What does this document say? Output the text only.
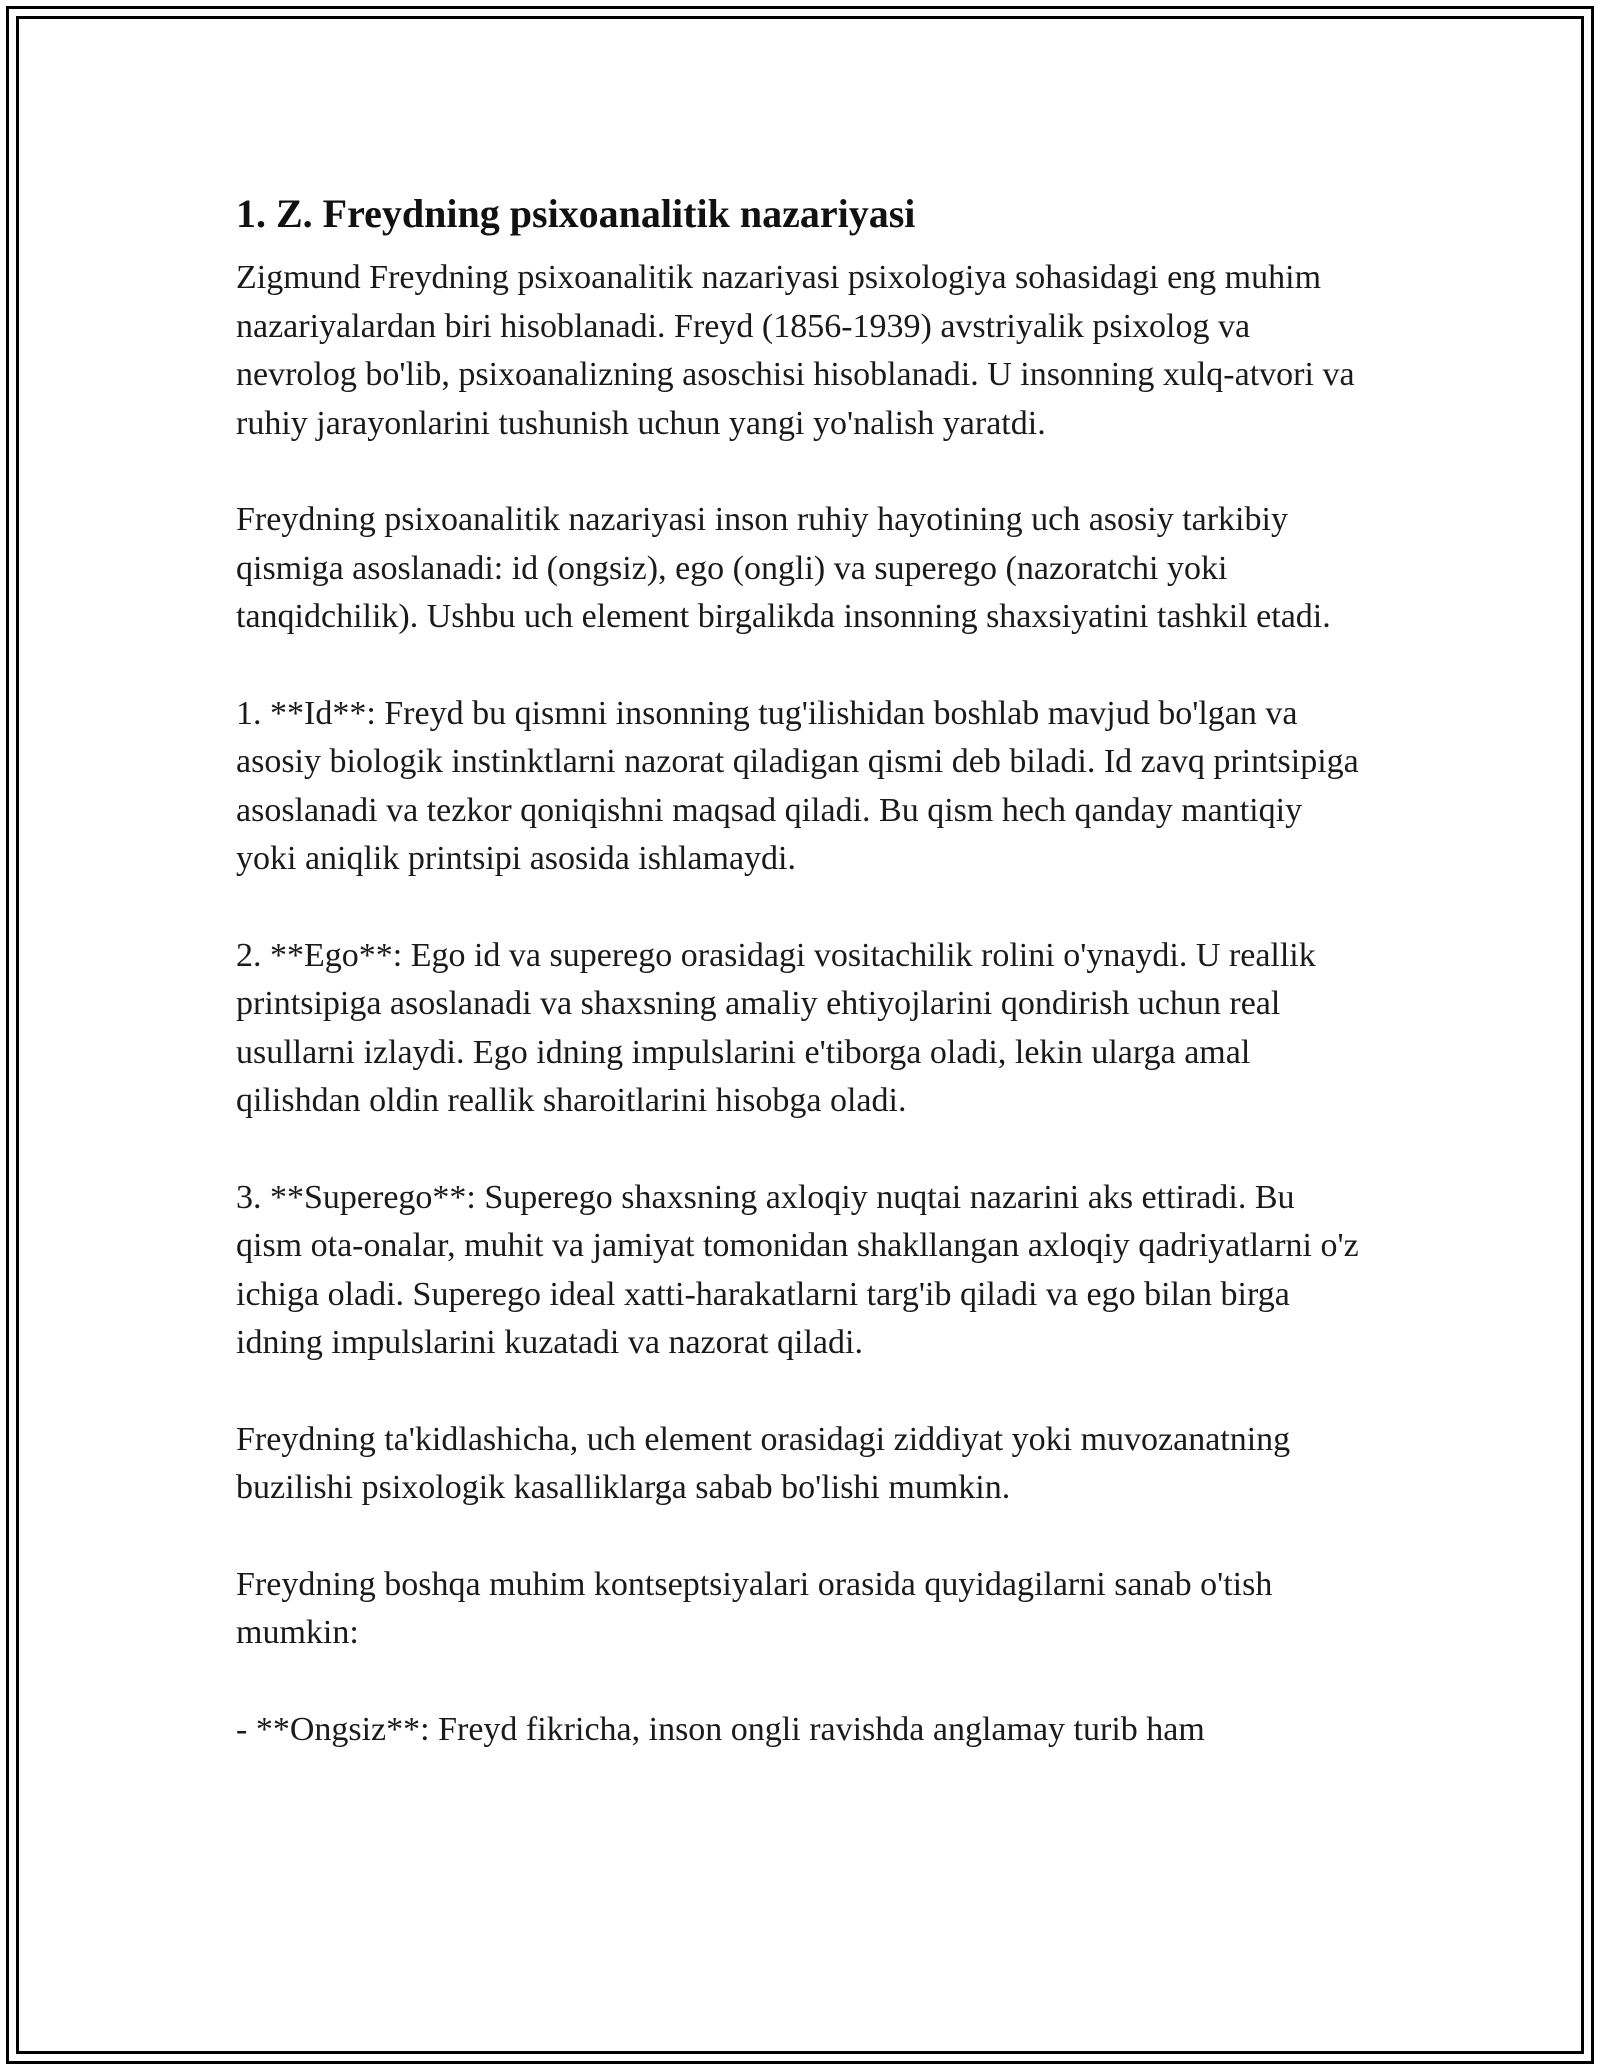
1. Z. Freydning psixoanalitik nazariyasi

Zigmund Freydning psixoanalitik nazariyasi psixologiya sohasidagi eng muhim nazariyalardan biri hisoblanadi. Freyd (1856-1939) avstriyalik psixolog va nevrolog bo'lib, psixoanalizning asoschisi hisoblanadi. U insonning xulq-atvori va ruhiy jarayonlarini tushunish uchun yangi yo'nalish yaratdi.

Freydning psixoanalitik nazariyasi inson ruhiy hayotining uch asosiy tarkibiy qismiga asoslanadi: id (ongsiz), ego (ongli) va superego (nazoratchi yoki tanqidchilik). Ushbu uch element birgalikda insonning shaxsiyatini tashkil etadi.

1. **Id**: Freyd bu qismni insonning tug'ilishidan boshlab mavjud bo'lgan va asosiy biologik instinktlarni nazorat qiladigan qismi deb biladi. Id zavq printsipiga asoslanadi va tezkor qoniqishni maqsad qiladi. Bu qism hech qanday mantiqiy yoki aniqlik printsipi asosida ishlamaydi.

2. **Ego**: Ego id va superego orasidagi vositachilik rolini o'ynaydi. U reallik printsipiga asoslanadi va shaxsning amaliy ehtiyojlarini qondirish uchun real usullarni izlaydi. Ego idning impulslarini e'tiborga oladi, lekin ularga amal qilishdan oldin reallik sharoitlarini hisobga oladi.

3. **Superego**: Superego shaxsning axloqiy nuqtai nazarini aks ettiradi. Bu qism ota-onalar, muhit va jamiyat tomonidan shakllangan axloqiy qadriyatlarni o'z ichiga oladi. Superego ideal xatti-harakatlarni targ'ib qiladi va ego bilan birga idning impulslarini kuzatadi va nazorat qiladi.

Freydning ta'kidlashicha, uch element orasidagi ziddiyat yoki muvozanatning buzilishi psixologik kasalliklarga sabab bo'lishi mumkin.

Freydning boshqa muhim kontseptsiyalari orasida quyidagilarni sanab o'tish mumkin:

- **Ongsiz**: Freyd fikricha, inson ongli ravishda anglamay turib ham
